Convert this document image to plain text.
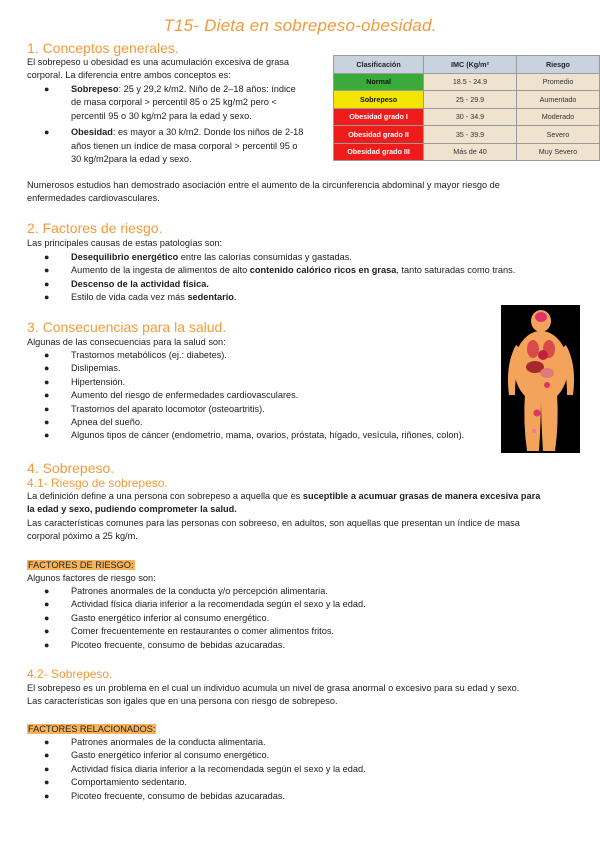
T15- Dieta en sobrepeso-obesidad.
1. Conceptos generales.
El sobrepeso u obesidad es una acumulación excesiva de grasa
corporal. La diferencia entre ambos conceptos es:
● Sobrepeso: 25 y 29,2 k/m2. Niño de 2–18 años: índice
de masa corporal > percentil 85 o 25 kg/m2 pero <
percentil 95 o 30 kg/m2 para la edad y sexo.
● Obesidad: es mayor a 30 k/m2. Donde los niños de 2-18
años tienen un índice de masa corporal > percentil 95 o
30 kg/m2para la edad y sexo.
Clasificación	IMC (Kg/m²	Riesgo
Normal	18.5 - 24.9	Promedio
Sobrepeso	25 - 29.9	Aumentado
Obesidad grado I	30 - 34.9	Moderado
Obesidad grado II	35 - 39.9	Severo
Obesidad grado III	Más de 40	Muy Severo
Numerosos estudios han demostrado asociación entre el aumento de la circunferencia abdominal y mayor riesgo de
enfermedades cardiovasculares.
2. Factores de riesgo.
Las principales causas de estas patologías son:
● Desequilibrio energético entre las calorías consumidas y gastadas.
● Aumento de la ingesta de alimentos de alto contenido calórico ricos en grasa, tanto saturadas como trans.
● Descenso de la actividad física.
● Estilo de vida cada vez más sedentario.
3. Consecuencias para la salud.
Algunas de las consecuencias para la salud son:
● Trastornos metabólicos (ej.: diabetes).
● Dislipemias.
● Hipertensión.
● Aumento del riesgo de enfermedades cardiovasculares.
● Trastornos del aparato locomotor (osteoartritis).
● Apnea del sueño.
● Algunos tipos de cáncer (endometrio, mama, ovarios, próstata, hígado, vesícula, riñones, colon).
4. Sobrepeso.
4.1- Riesgo de sobrepeso.
La definición define a una persona con sobrepeso a aquella que es suceptible a acumuar grasas de manera excesiva para
la edad y sexo, pudiendo comprometer la salud.
Las características comunes para las personas con sobreeso, en adultos, son aquellas que presentan un índice de masa
corporal póximo a 25 kg/m.
FACTORES DE RIESGO:
Algunos factores de riesgo son:
● Patrones anormales de la conducta y/o percepción alimentaria.
● Actividad física diaria inferior a la recomendada según el sexo y la edad.
● Gasto energético inferior al consumo energético.
● Comer frecuentemente en restaurantes o comer alimentos fritos.
● Picoteo frecuente, consumo de bebidas azucaradas.
4.2- Sobrepeso.
El sobrepeso es un problema en el cual un individuo acumula un nivel de grasa anormal o excesivo para su edad y sexo.
Las características son igales que en una persona con riesgo de sobrepeso.
FACTORES RELACIONADOS:
● Patrones anormales de la conducta alimentaria.
● Gasto energético inferior al consumo energético.
● Actividad física diaria inferior a la recomendada según el sexo y la edad.
● Comportamiento sedentario.
● Picoteo frecuente, consumo de bebidas azucaradas.
